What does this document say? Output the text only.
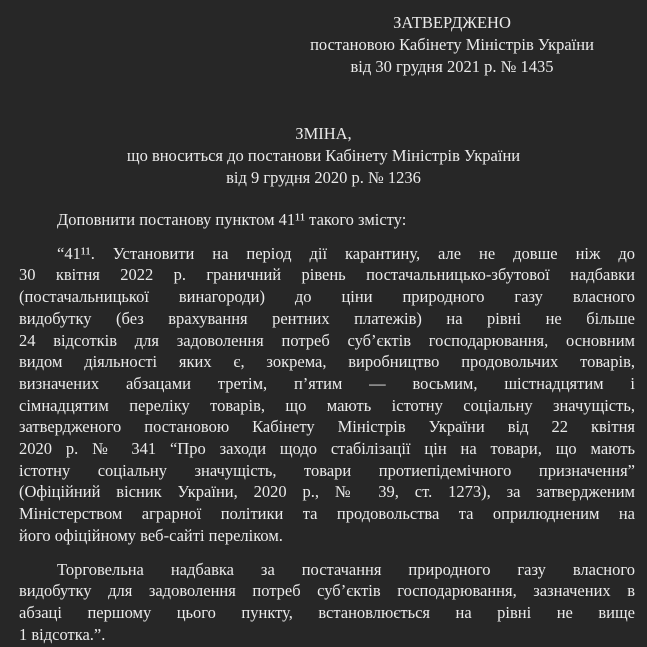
ЗАТВЕРДЖЕНО
постановою Кабінету Міністрів України
від 30 грудня 2021 р. № 1435
ЗМІНА,
що вноситься до постанови Кабінету Міністрів України
від 9 грудня 2020 р. № 1236
Доповнити постанову пунктом 41¹¹ такого змісту:
“41¹¹. Установити на період дії карантину, але не довше ніж до
30 квітня 2022 р. граничний рівень постачальницько-збутової надбавки
(постачальницької винагороди) до ціни природного газу власного
видобутку (без врахування рентних платежів) на рівні не більше
24 відсотків для задоволення потреб суб’єктів господарювання, основним
видом діяльності яких є, зокрема, виробництво продовольчих товарів,
визначених абзацами третім, п’ятим — восьмим, шістнадцятим і
сімнадцятим переліку товарів, що мають істотну соціальну значущість,
затвердженого постановою Кабінету Міністрів України від 22 квітня
2020 р. № 341 “Про заходи щодо стабілізації цін на товари, що мають
істотну соціальну значущість, товари протиепідемічного призначення”
(Офіційний вісник України, 2020 р., № 39, ст. 1273), за затвердженим
Міністерством аграрної політики та продовольства та оприлюдненим на
його офіційному веб-сайті переліком.
Торговельна надбавка за постачання природного газу власного
видобутку для задоволення потреб суб’єктів господарювання, зазначених в
абзаці першому цього пункту, встановлюється на рівні не вище
1 відсотка.”.
